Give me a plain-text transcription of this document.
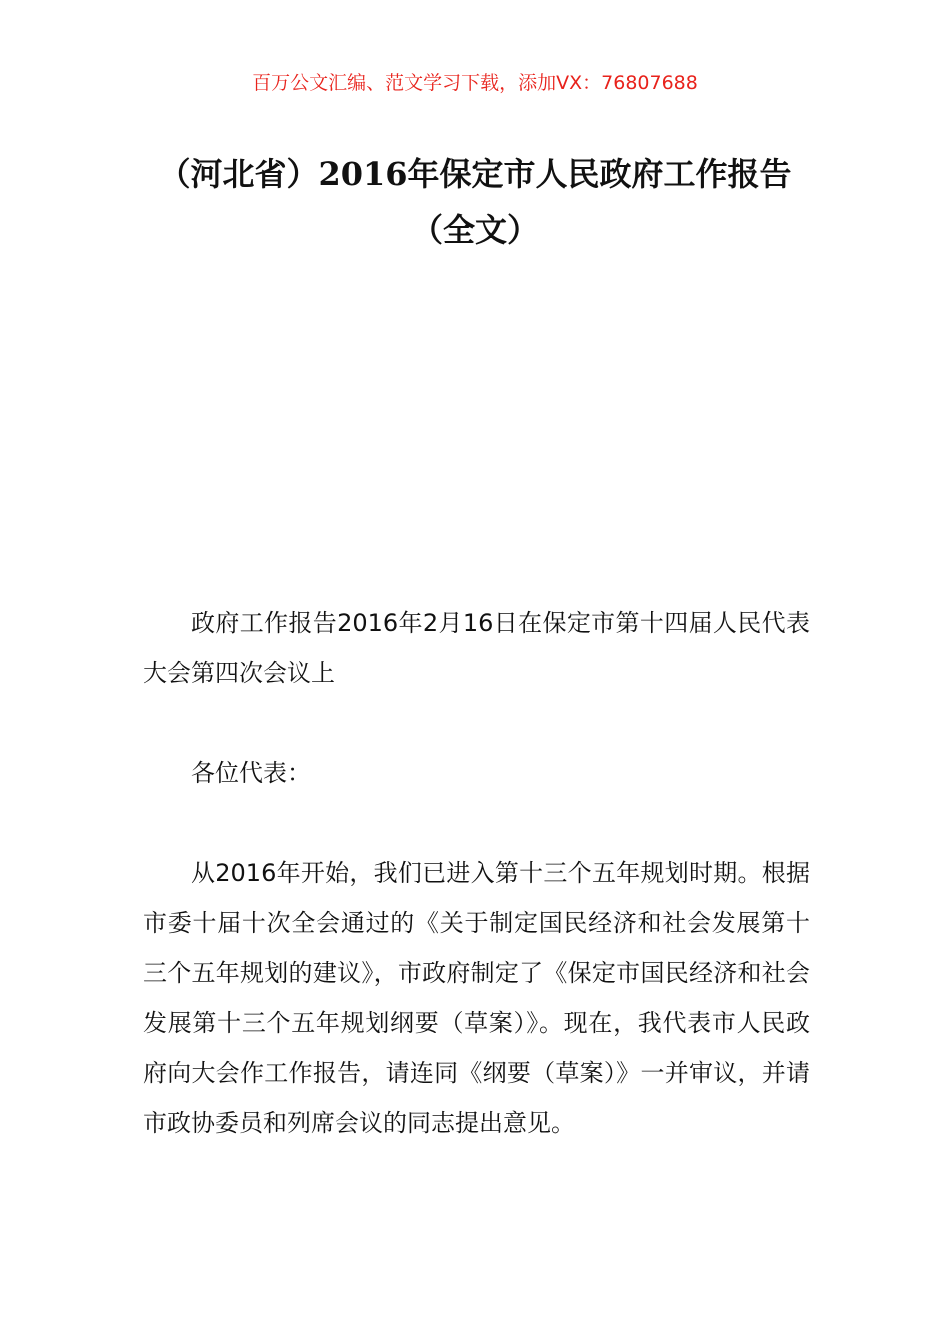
百万公文汇编、范文学习下载，添加VX：76807688
（河北省）2016年保定市人民政府工作报告（全文）

政府工作报告2016年2月16日在保定市第十四届人民代表大会第四次会议上

各位代表：

从2016年开始，我们已进入第十三个五年规划时期。根据市委十届十次全会通过的《关于制定国民经济和社会发展第十三个五年规划的建议》，市政府制定了《保定市国民经济和社会发展第十三个五年规划纲要（草案）》。现在，我代表市人民政府向大会作工作报告，请连同《纲要（草案）》一并审议，并请市政协委员和列席会议的同志提出意见。
